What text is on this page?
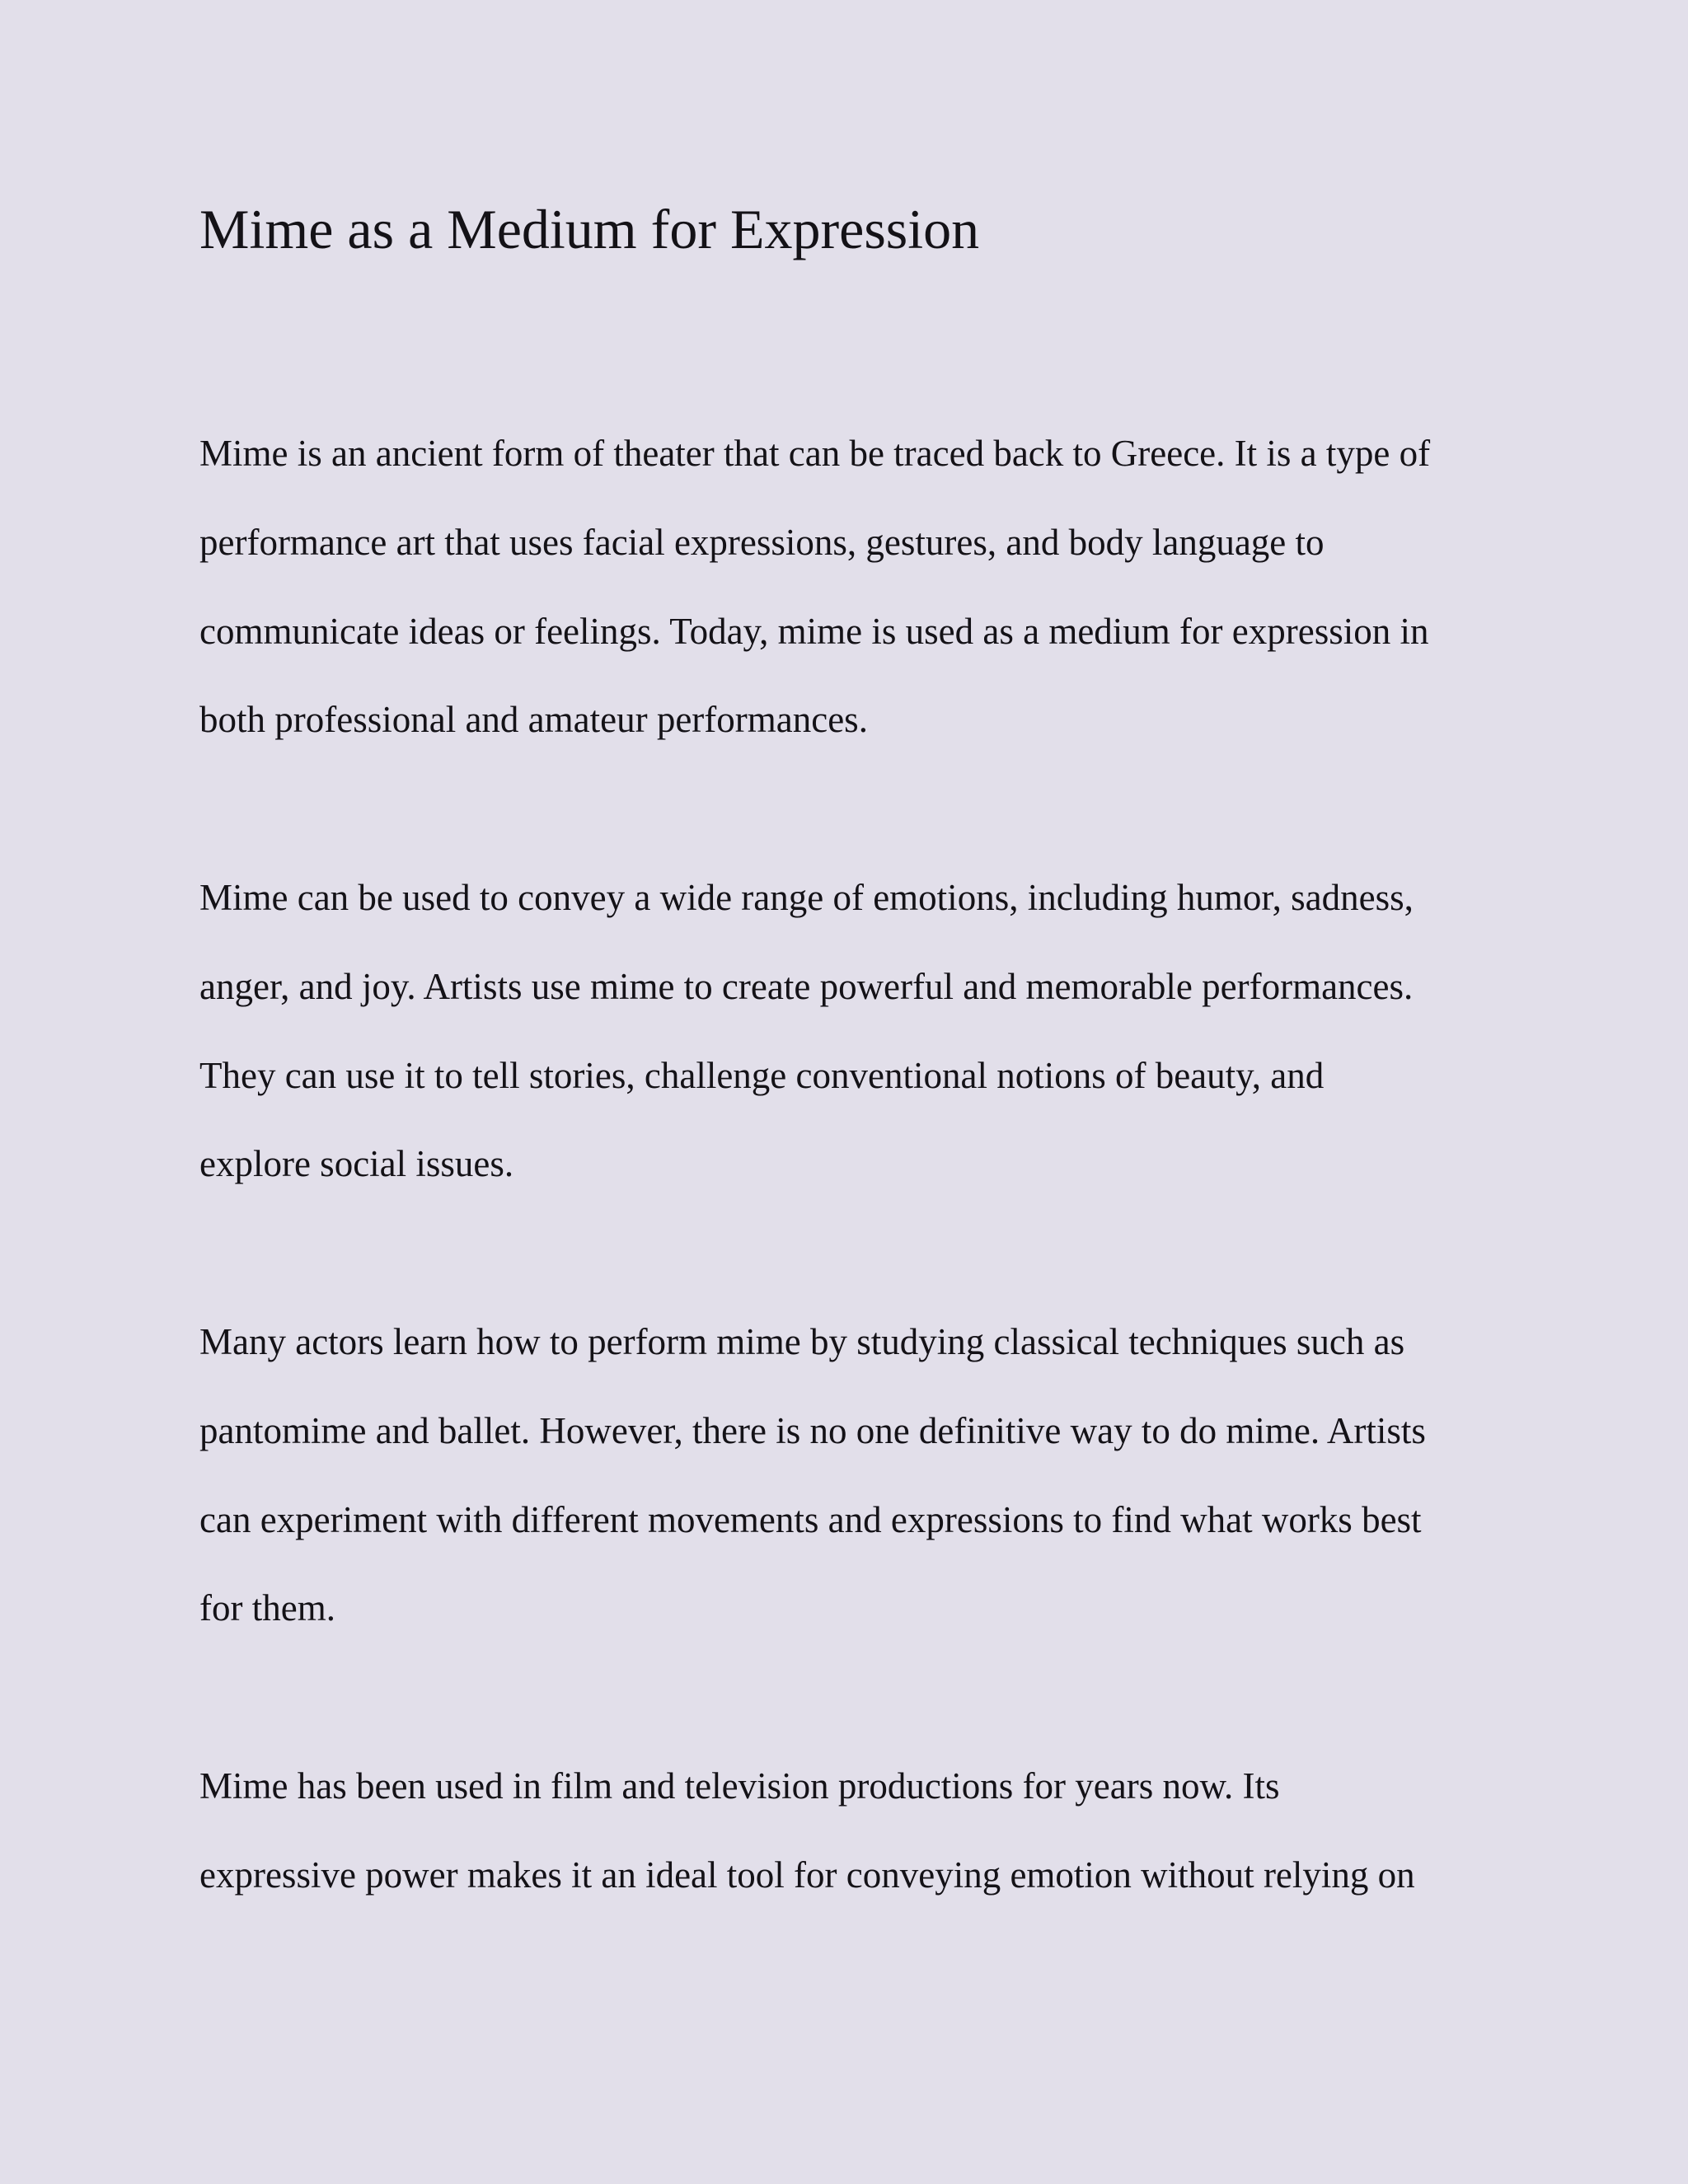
Mime as a Medium for Expression

Mime is an ancient form of theater that can be traced back to Greece. It is a type of
performance art that uses facial expressions, gestures, and body language to
communicate ideas or feelings. Today, mime is used as a medium for expression in
both professional and amateur performances.

Mime can be used to convey a wide range of emotions, including humor, sadness,
anger, and joy. Artists use mime to create powerful and memorable performances.
They can use it to tell stories, challenge conventional notions of beauty, and
explore social issues.

Many actors learn how to perform mime by studying classical techniques such as
pantomime and ballet. However, there is no one definitive way to do mime. Artists
can experiment with different movements and expressions to find what works best
for them.

Mime has been used in film and television productions for years now. Its
expressive power makes it an ideal tool for conveying emotion without relying on
